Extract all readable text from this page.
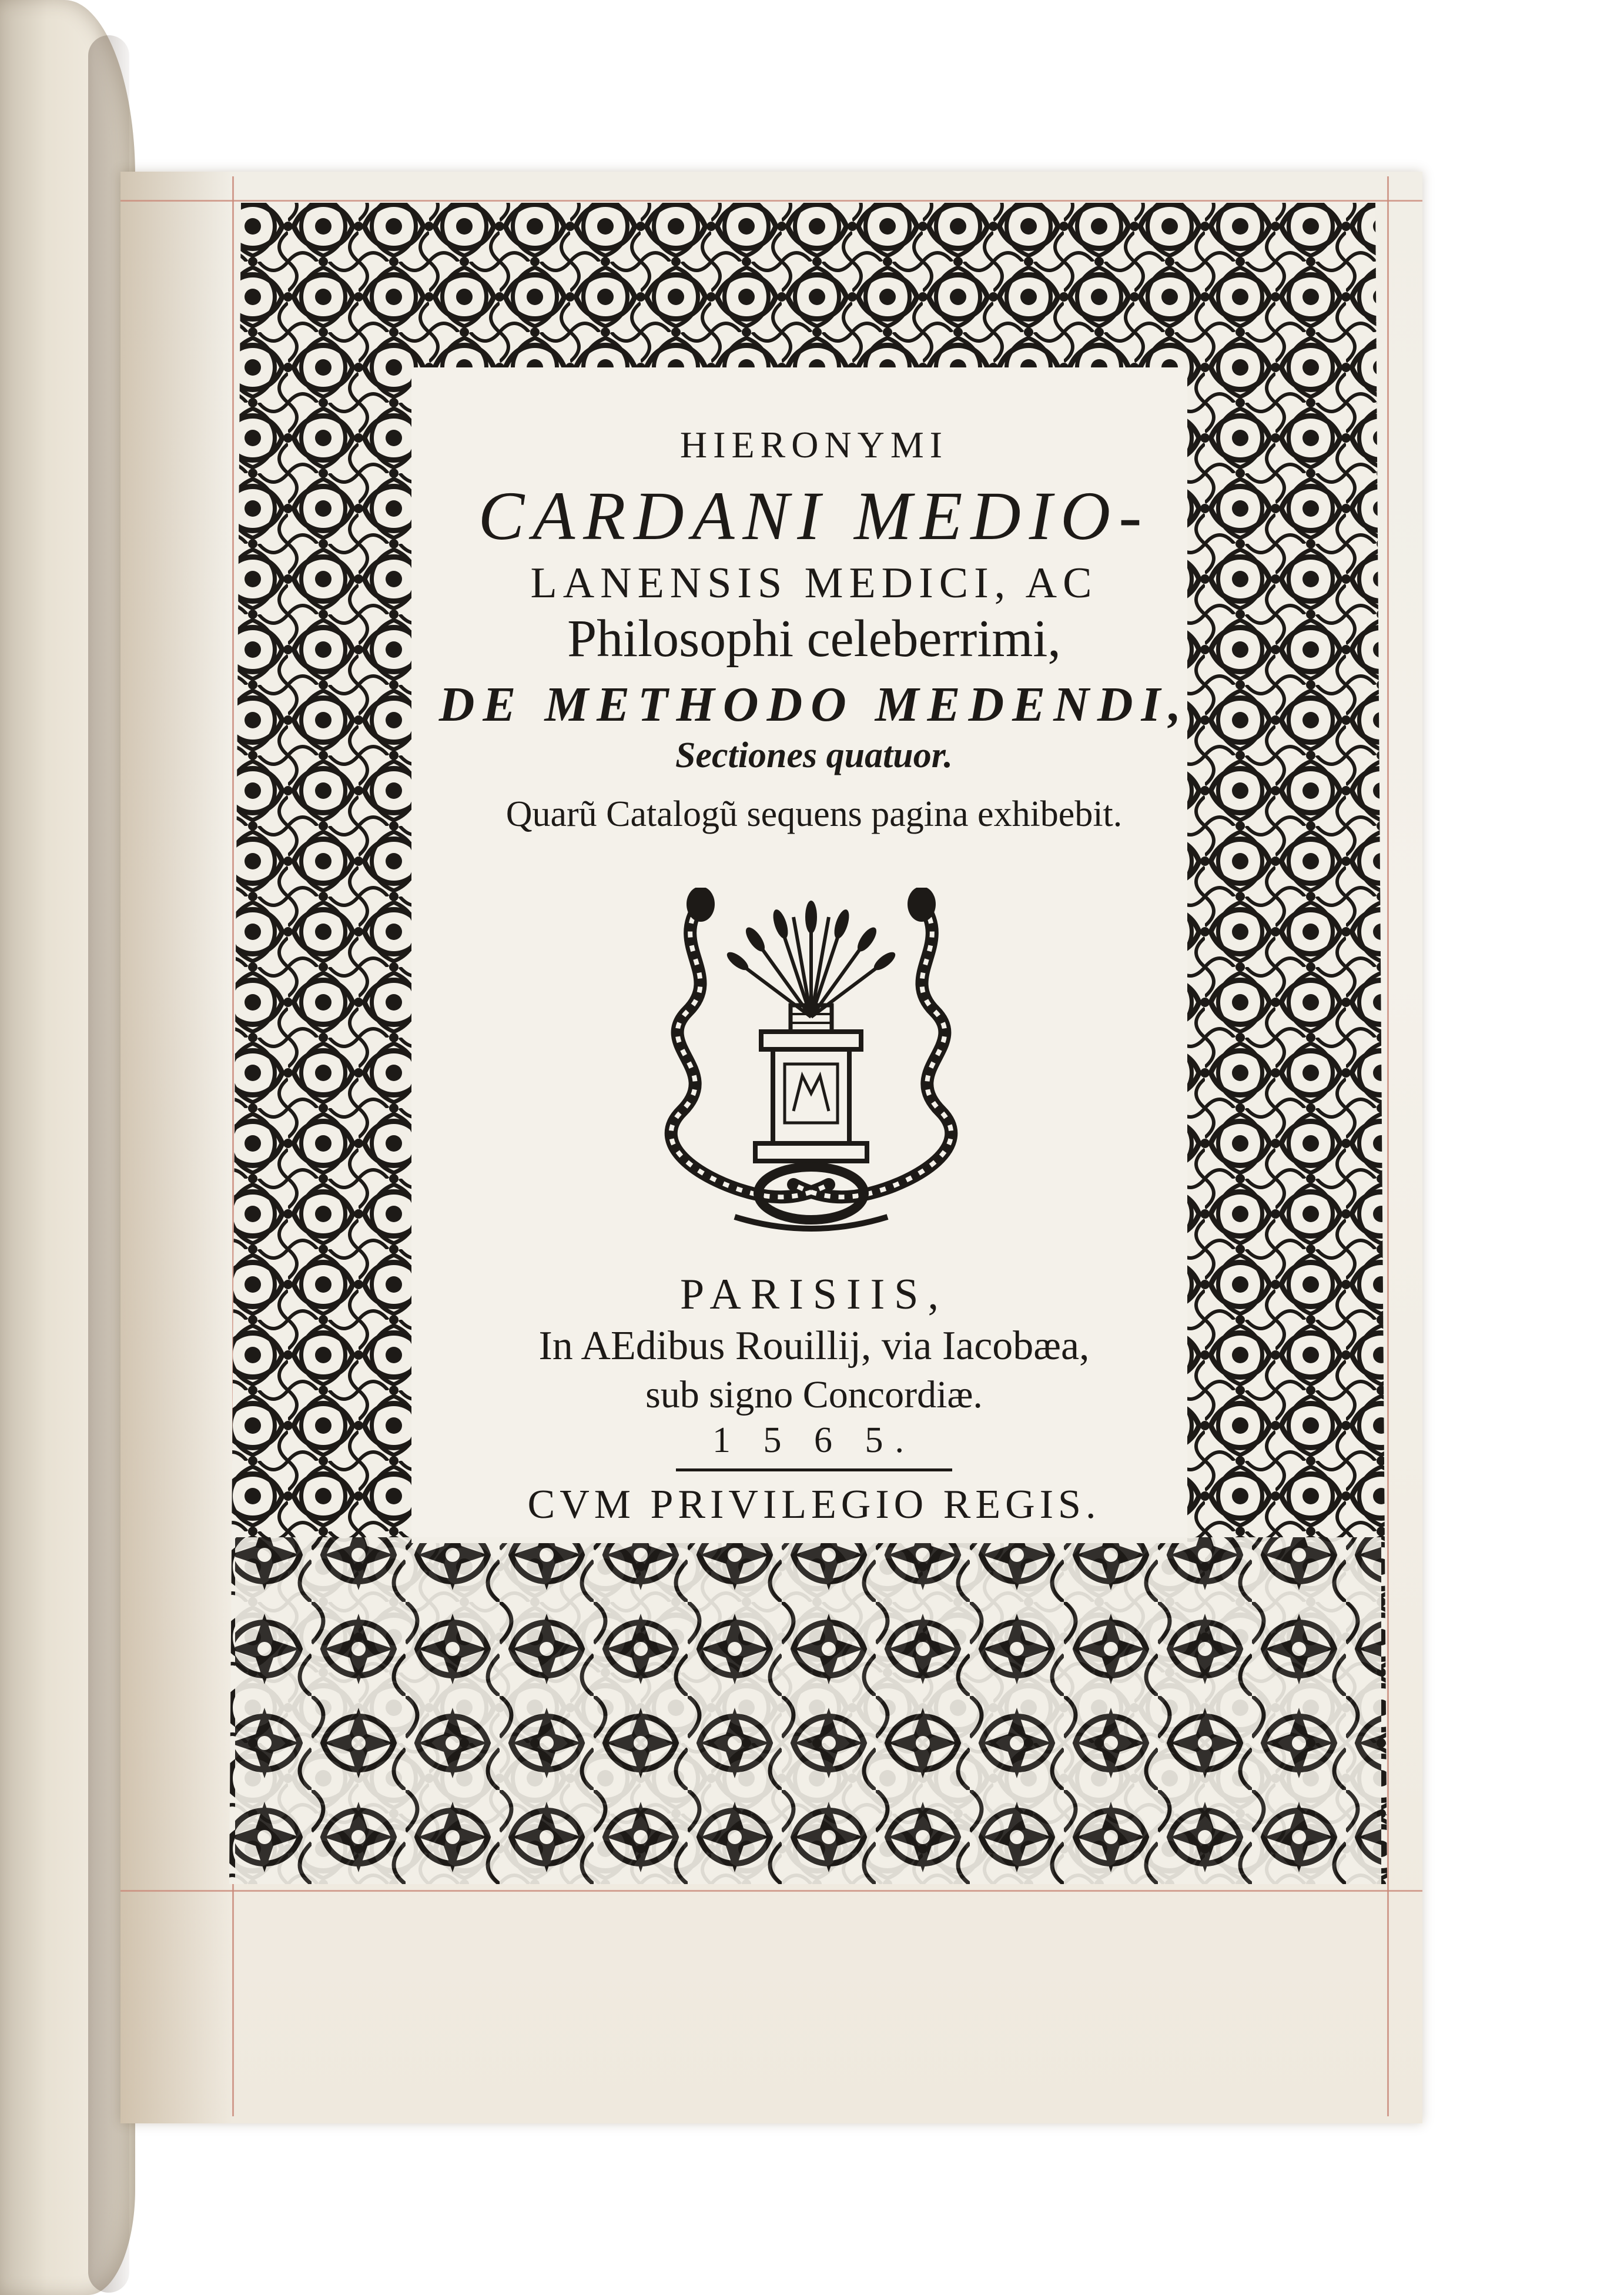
HIERONYMI
CARDANI MEDIO-
LANENSIS MEDICI, AC
Philosophi celeberrimi,
DE METHODO MEDENDI,
Sectiones quatuor.
Quarũ Catalogũ sequens pagina exhibebit.
PARISIIS,
In AEdibus Rouillij, via Iacobæa,
sub signo Concordiæ.
1 5 6 5.
CVM PRIVILEGIO REGIS.
